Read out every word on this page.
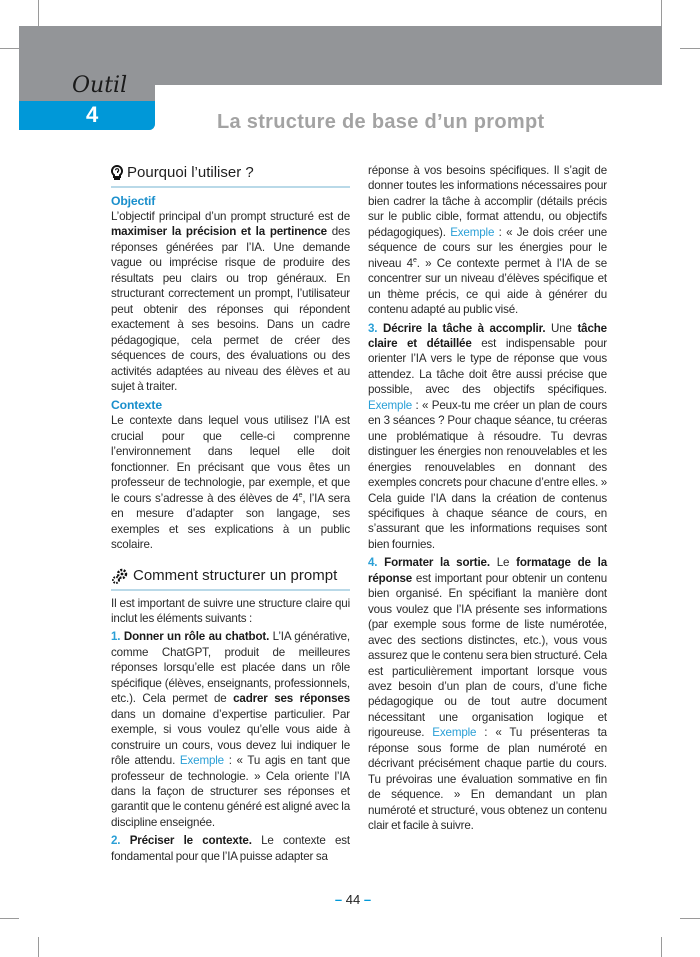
Outil
4	La structure de base d’un prompt
Pourquoi l’utiliser ?
Objectif
L’objectif principal d’un prompt structuré est de maximiser la précision et la pertinence des réponses générées par l’IA. Une demande vague ou imprécise risque de produire des résultats peu clairs ou trop généraux. En structurant correctement un prompt, l’utilisateur peut obtenir des réponses qui répondent exactement à ses besoins. Dans un cadre pédagogique, cela permet de créer des séquences de cours, des évaluations ou des activités adaptées au niveau des élèves et au sujet à traiter.
Contexte
Le contexte dans lequel vous utilisez l’IA est crucial pour que celle-ci comprenne l’environnement dans lequel elle doit fonctionner. En précisant que vous êtes un professeur de technologie, par exemple, et que le cours s’adresse à des élèves de 4e, l’IA sera en mesure d’adapter son langage, ses exemples et ses explications à un public scolaire.
Comment structurer un prompt
Il est important de suivre une structure claire qui inclut les éléments suivants :
1. Donner un rôle au chatbot. L’IA générative, comme ChatGPT, produit de meilleures réponses lorsqu’elle est placée dans un rôle spécifique (élèves, enseignants, professionnels, etc.). Cela permet de cadrer ses réponses dans un domaine d’expertise particulier. Par exemple, si vous voulez qu’elle vous aide à construire un cours, vous devez lui indiquer le rôle attendu. Exemple : « Tu agis en tant que professeur de technologie. » Cela oriente l’IA dans la façon de structurer ses réponses et garantit que le contenu généré est aligné avec la discipline enseignée.
2. Préciser le contexte. Le contexte est fondamental pour que l’IA puisse adapter sa
réponse à vos besoins spécifiques. Il s’agit de donner toutes les informations nécessaires pour bien cadrer la tâche à accomplir (détails précis sur le public cible, format attendu, ou objectifs pédagogiques). Exemple : « Je dois créer une séquence de cours sur les énergies pour le niveau 4e. » Ce contexte permet à l’IA de se concentrer sur un niveau d’élèves spécifique et un thème précis, ce qui aide à générer du contenu adapté au public visé.
3. Décrire la tâche à accomplir. Une tâche claire et détaillée est indispensable pour orienter l’IA vers le type de réponse que vous attendez. La tâche doit être aussi précise que possible, avec des objectifs spécifiques. Exemple : « Peux-tu me créer un plan de cours en 3 séances ? Pour chaque séance, tu créeras une problématique à résoudre. Tu devras distinguer les énergies non renouvelables et les énergies renouvelables en donnant des exemples concrets pour chacune d’entre elles. » Cela guide l’IA dans la création de contenus spécifiques à chaque séance de cours, en s’assurant que les informations requises sont bien fournies.
4. Formater la sortie. Le formatage de la réponse est important pour obtenir un contenu bien organisé. En spécifiant la manière dont vous voulez que l’IA présente ses informations (par exemple sous forme de liste numérotée, avec des sections distinctes, etc.), vous vous assurez que le contenu sera bien structuré. Cela est particulièrement important lorsque vous avez besoin d’un plan de cours, d’une fiche pédagogique ou de tout autre document nécessitant une organisation logique et rigoureuse. Exemple : « Tu présenteras ta réponse sous forme de plan numéroté en décrivant précisément chaque partie du cours. Tu prévoiras une évaluation sommative en fin de séquence. » En demandant un plan numéroté et structuré, vous obtenez un contenu clair et facile à suivre.
– 44 –
